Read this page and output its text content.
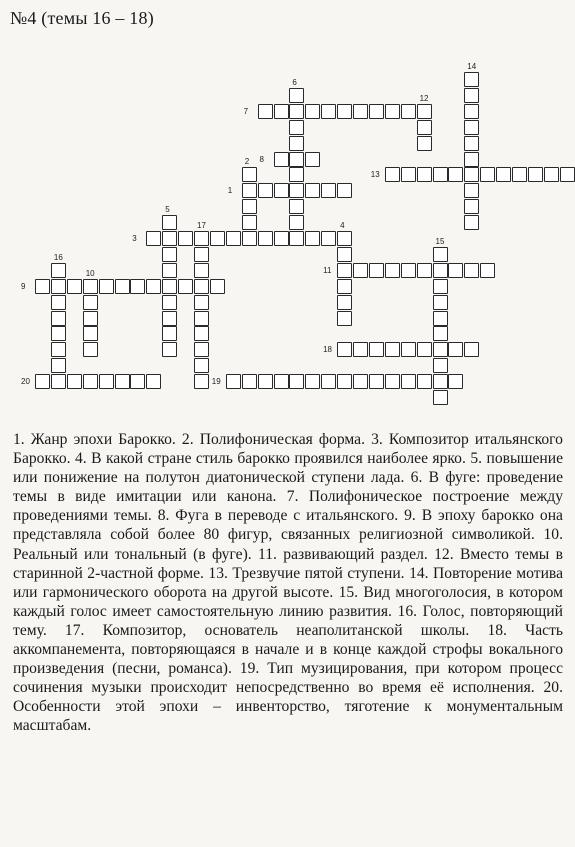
№4 (темы 16 – 18)
1
2
3
4
5
6
7
8
9
10	11
12
13
14
15
16
17
18
19
20
1. Жанр эпохи Барокко. 2. Полифоническая форма. 3. Композитор итальянского Барокко. 4. В какой стране стиль барокко проявился наиболее ярко. 5. повышение или понижение на полутон диатонической ступени лада. 6. В фуге: проведение темы в виде имитации или канона. 7. Полифоническое построение между проведениями темы. 8. Фуга в переводе с итальянского. 9. В эпоху барокко она представляла собой более 80 фигур, связанных религиозной символикой. 10. Реальный или тональный (в фуге). 11. развивающий раздел. 12. Вместо темы в старинной 2-частной форме. 13. Трезвучие пятой ступени. 14. Повторение мотива или гармонического оборота на другой высоте. 15. Вид многоголосия, в котором каждый голос имеет самостоятельную линию развития. 16. Голос, повторяющий тему. 17. Композитор, основатель неаполитанской школы. 18. Часть аккомпанемента, повторяющаяся в начале и в конце каждой строфы вокального произведения (песни, романса). 19. Тип музицирования, при котором процесс сочинения музыки происходит непосредственно во время её исполнения. 20. Особенности этой эпохи – инвенторство, тяготение к монументальным масштабам.
